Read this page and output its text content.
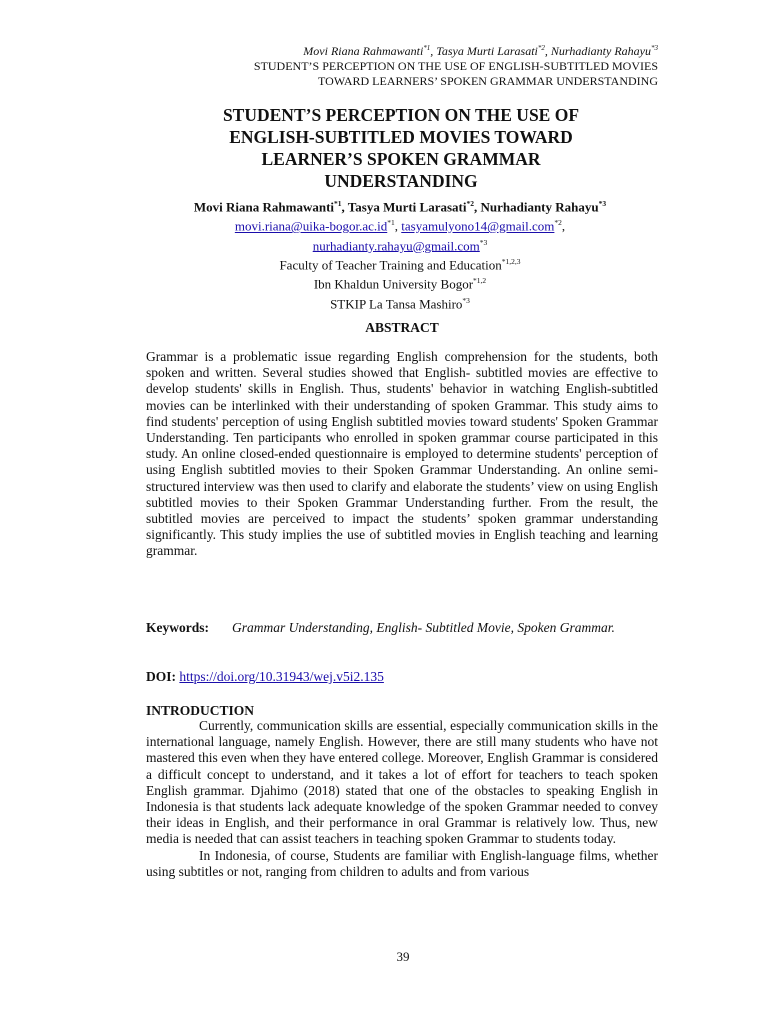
Movi Riana Rahmawanti$^{*1}$, Tasya Murti Larasati$^{*2}$, Nurhadianty Rahayu$^{*3}$
STUDENT’S PERCEPTION ON THE USE OF ENGLISH-SUBTITLED MOVIES
TOWARD LEARNERS’ SPOKEN GRAMMAR UNDERSTANDING
STUDENT’S PERCEPTION ON THE USE OF
ENGLISH-SUBTITLED MOVIES TOWARD
LEARNER’S SPOKEN GRAMMAR
UNDERSTANDING
Movi Riana Rahmawanti$^{*1}$, Tasya Murti Larasati$^{*2}$, Nurhadianty Rahayu$^{*3}$
$movi.riana@uika-bogor.ac.id^{*1}$, tasyamulyono14@gmail.com$^{*2}$,
nurhadianty.rahayu@gmail.com$^{*3}$
Faculty of Teacher Training and Education$^{*1,2,3}$
Ibn Khaldun University Bogor$^{*1,2}$
STKIP La Tansa Mashiro$^{*3}$
ABSTRACT

Grammar is a problematic issue regarding English comprehension for the students, both spoken and written. Several studies showed that English- subtitled movies are effective to develop students' skills in English. Thus, students' behavior in watching English-subtitled movies can be interlinked with their understanding of spoken Grammar. This study aims to find students' perception of using English subtitled movies toward students' Spoken Grammar Understanding. Ten participants who enrolled in spoken grammar course participated in this study. An online closed-ended questionnaire is employed to determine students' perception of using English subtitled movies to their Spoken Grammar Understanding. An online semi-structured interview was then used to clarify and elaborate the students’ view on using English subtitled movies to their Spoken Grammar Understanding further. From the result, the subtitled movies are perceived to impact the students’ spoken grammar understanding significantly. This study implies the use of subtitled movies in English teaching and learning grammar.

Keywords:	Grammar Understanding, English- Subtitled Movie, Spoken Grammar.
DOI: https://doi.org/10.31943/wej.v5i2.135
INTRODUCTION

Currently, communication skills are essential, especially communication skills in the international language, namely English. However, there are still many students who have not mastered this even when they have entered college. Moreover, English Grammar is considered a difficult concept to understand, and it takes a lot of effort for teachers to teach spoken English grammar. Djahimo (2018) stated that one of the obstacles to speaking English in Indonesia is that students lack adequate knowledge of the spoken Grammar needed to convey their ideas in English, and their performance in oral Grammar is relatively low. Thus, new media is needed that can assist teachers in teaching spoken Grammar to students today.

In Indonesia, of course, Students are familiar with English-language films, whether using subtitles or not, ranging from children to adults and from various

39
